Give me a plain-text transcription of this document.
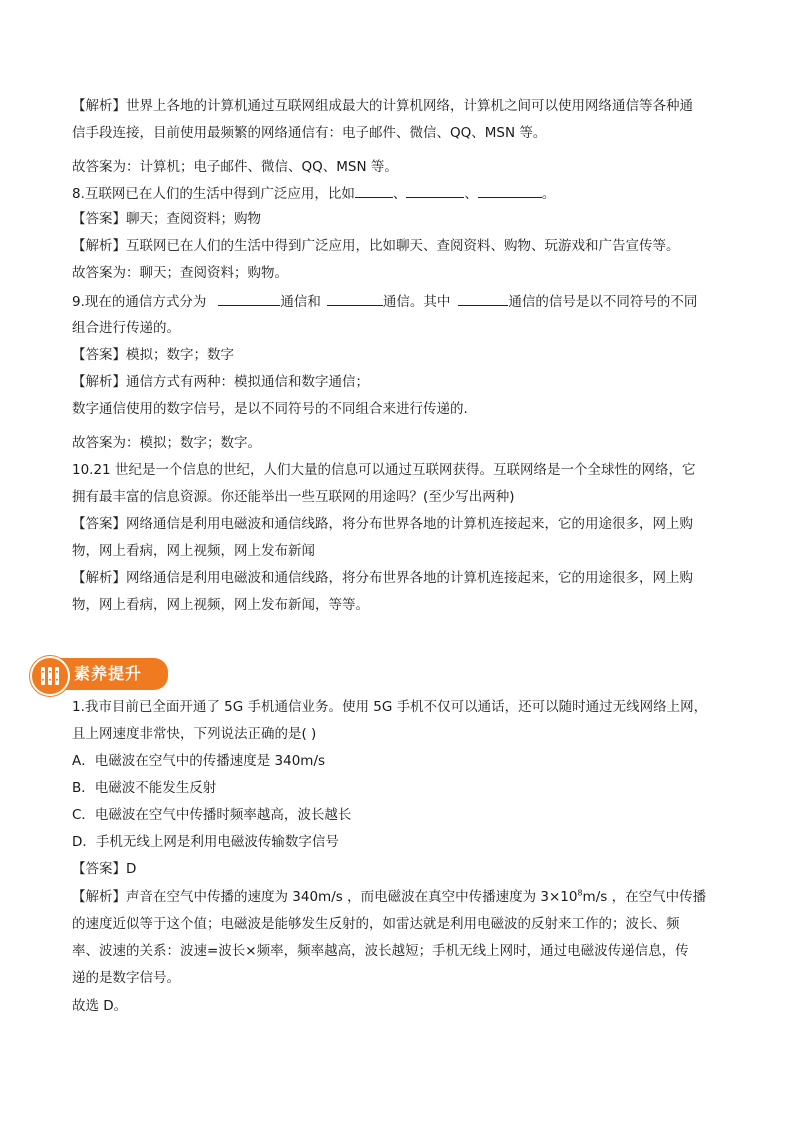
【解析】世界上各地的计算机通过互联网组成最大的计算机网络，计算机之间可以使用网络通信等各种通
信手段连接，目前使用最频繁的网络通信有：电子邮件、微信、QQ、MSN 等。
故答案为：计算机；电子邮件、微信、QQ、MSN 等。
8.互联网已在人们的生活中得到广泛应用，比如	、	、	。
【答案】聊天；查阅资料；购物
【解析】互联网已在人们的生活中得到广泛应用，比如聊天、查阅资料、购物、玩游戏和广告宣传等。
故答案为：聊天；查阅资料；购物。
9.现在的通信方式分为	通信和	通信。其中	通信的信号是以不同符号的不同
组合进行传递的。
【答案】模拟；数字；数字
【解析】通信方式有两种：模拟通信和数字通信；
数字通信使用的数字信号，是以不同符号的不同组合来进行传递的.
故答案为：模拟；数字；数字。
10.21 世纪是一个信息的世纪，人们大量的信息可以通过互联网获得。互联网络是一个全球性的网络，它
拥有最丰富的信息资源。你还能举出一些互联网的用途吗？(至少写出两种)
【答案】网络通信是利用电磁波和通信线路，将分布世界各地的计算机连接起来，它的用途很多，网上购
物，网上看病，网上视频，网上发布新闻
【解析】网络通信是利用电磁波和通信线路，将分布世界各地的计算机连接起来，它的用途很多，网上购
物，网上看病，网上视频，网上发布新闻，等等。
素养提升
1.我市目前已全面开通了 5G 手机通信业务。使用 5G 手机不仅可以通话，还可以随时通过无线网络上网，
且上网速度非常快，下列说法正确的是( )
A．电磁波在空气中的传播速度是 340m/s
B．电磁波不能发生反射
C．电磁波在空气中传播时频率越高，波长越长
D．手机无线上网是利用电磁波传输数字信号
【答案】D
【解析】声音在空气中传播的速度为 340m/s ，而电磁波在真空中传播速度为 $3\times 10^8m/s$ ，在空气中传播
的速度近似等于这个值；电磁波是能够发生反射的，如雷达就是利用电磁波的反射来工作的；波长、频
率、波速的关系：波速=波长×频率，频率越高，波长越短；手机无线上网时，通过电磁波传递信息，传
递的是数字信号。
故选 D。
